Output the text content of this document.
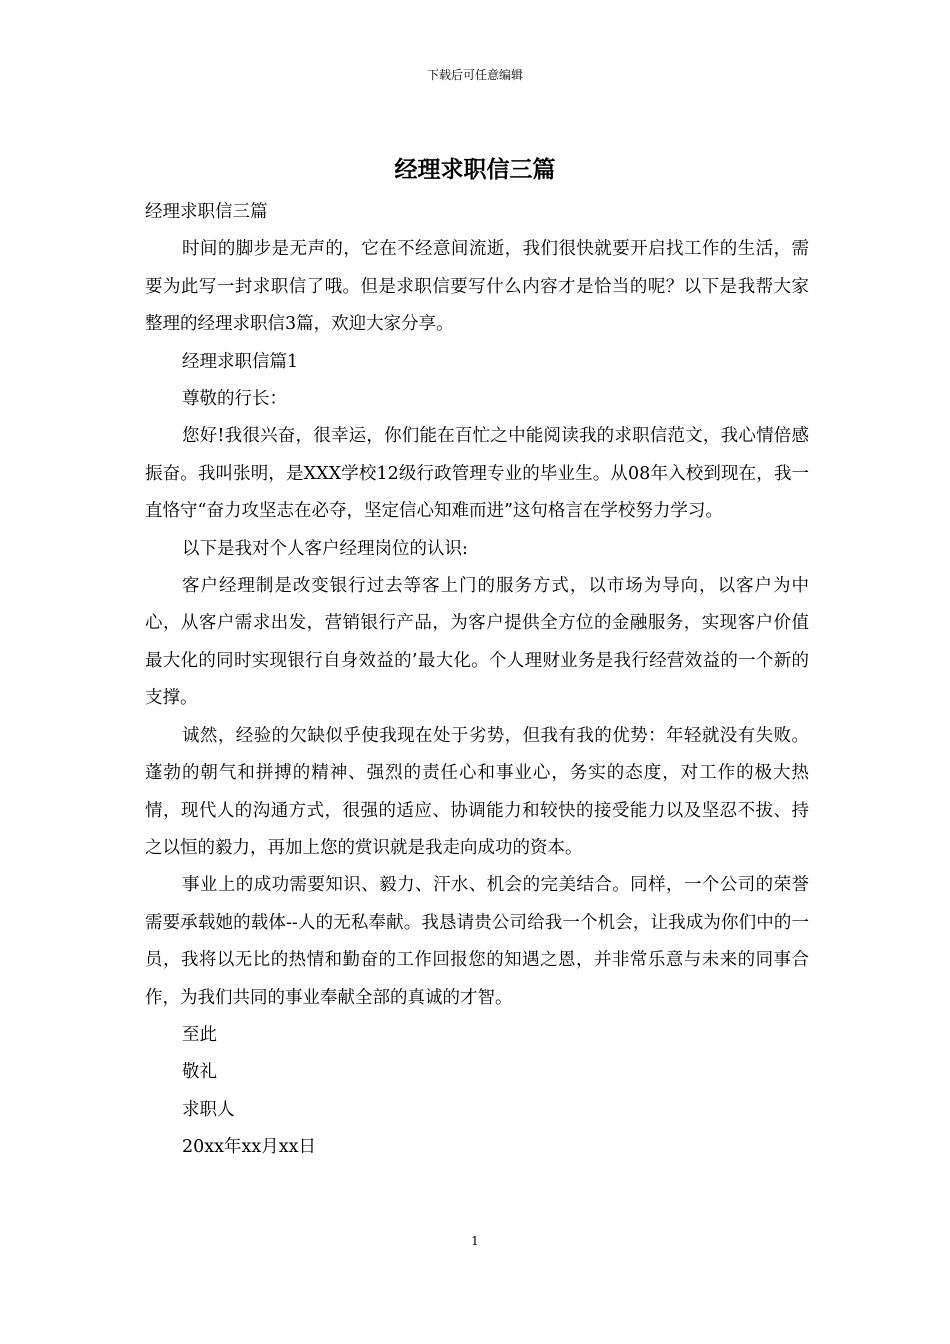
下载后可任意编辑
经理求职信三篇

经理求职信三篇

时间的脚步是无声的，它在不经意间流逝，我们很快就要开启找工作的生活，需要为此写一封求职信了哦。但是求职信要写什么内容才是恰当的呢？以下是我帮大家整理的经理求职信3篇，欢迎大家分享。

经理求职信篇1

尊敬的行长：

您好!我很兴奋，很幸运，你们能在百忙之中能阅读我的求职信范文，我心情倍感振奋。我叫张明，是XXX学校12级行政管理专业的毕业生。从08年入校到现在，我一直恪守“奋力攻坚志在必夺，坚定信心知难而进”这句格言在学校努力学习。

以下是我对个人客户经理岗位的认识:

客户经理制是改变银行过去等客上门的服务方式，以市场为导向，以客户为中心，从客户需求出发，营销银行产品，为客户提供全方位的金融服务，实现客户价值最大化的同时实现银行自身效益的’最大化。个人理财业务是我行经营效益的一个新的支撑。

诚然，经验的欠缺似乎使我现在处于劣势，但我有我的优势：年轻就没有失败。蓬勃的朝气和拼搏的精神、强烈的责任心和事业心，务实的态度，对工作的极大热情，现代人的沟通方式，很强的适应、协调能力和较快的接受能力以及坚忍不拔、持之以恒的毅力，再加上您的赏识就是我走向成功的资本。

事业上的成功需要知识、毅力、汗水、机会的完美结合。同样，一个公司的荣誉需要承载她的载体--人的无私奉献。我恳请贵公司给我一个机会，让我成为你们中的一员，我将以无比的热情和勤奋的工作回报您的知遇之恩，并非常乐意与未来的同事合作，为我们共同的事业奉献全部的真诚的才智。

至此

敬礼

求职人

20xx年xx月xx日

1
